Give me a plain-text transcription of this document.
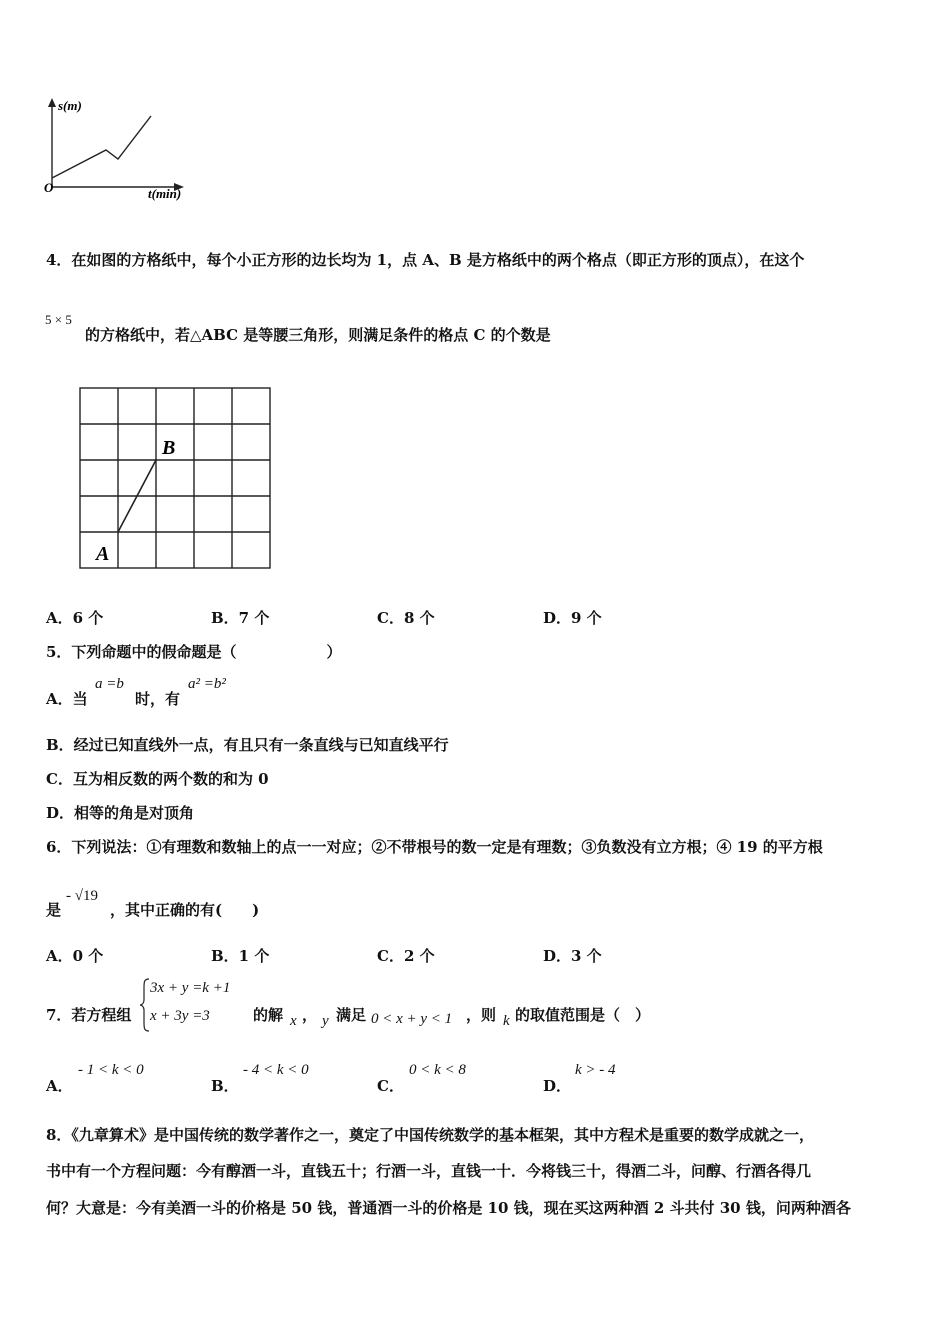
s(m)
t(min)
O
4．在如图的方格纸中，每个小正方形的边长均为 1，点 A、B 是方格纸中的两个格点（即正方形的顶点），在这个
5 × 5
的方格纸中，若△ABC 是等腰三角形，则满足条件的格点 C 的个数是
A
B
A．6 个	B．7 个	C．8 个	D．9 个
5．下列命题中的假命题是（　　　　　　）
A．当
a =b
时，有
a² =b²
B．经过已知直线外一点，有且只有一条直线与已知直线平行
C．互为相反数的两个数的和为 0
D．相等的角是对顶角
6．下列说法：①有理数和数轴上的点一一对应；②不带根号的数一定是有理数；③负数没有立方根；④ 19 的平方根
是
- √19
，其中正确的有(　　)
A．0 个	B．1 个	C．2 个	D．3 个
7．若方程组
3x + y =k +1
x + 3y =3	的解 x ， y 满足 0 < x + y < 1 ，则 k 的取值范围是（　）
A．
- 1 < k < 0
B．
- 4 < k < 0
C．
0 < k < 8
D．
k > - 4
8．《九章算术》是中国传统的数学著作之一，奠定了中国传统数学的基本框架，其中方程术是重要的数学成就之一，
书中有一个方程问题：今有醇酒一斗，直钱五十；行酒一斗，直钱一十．今将钱三十，得酒二斗，问醇、行酒各得几
何？大意是：今有美酒一斗的价格是 50 钱，普通酒一斗的价格是 10 钱，现在买这两种酒 2 斗共付 30 钱，问两种酒各
